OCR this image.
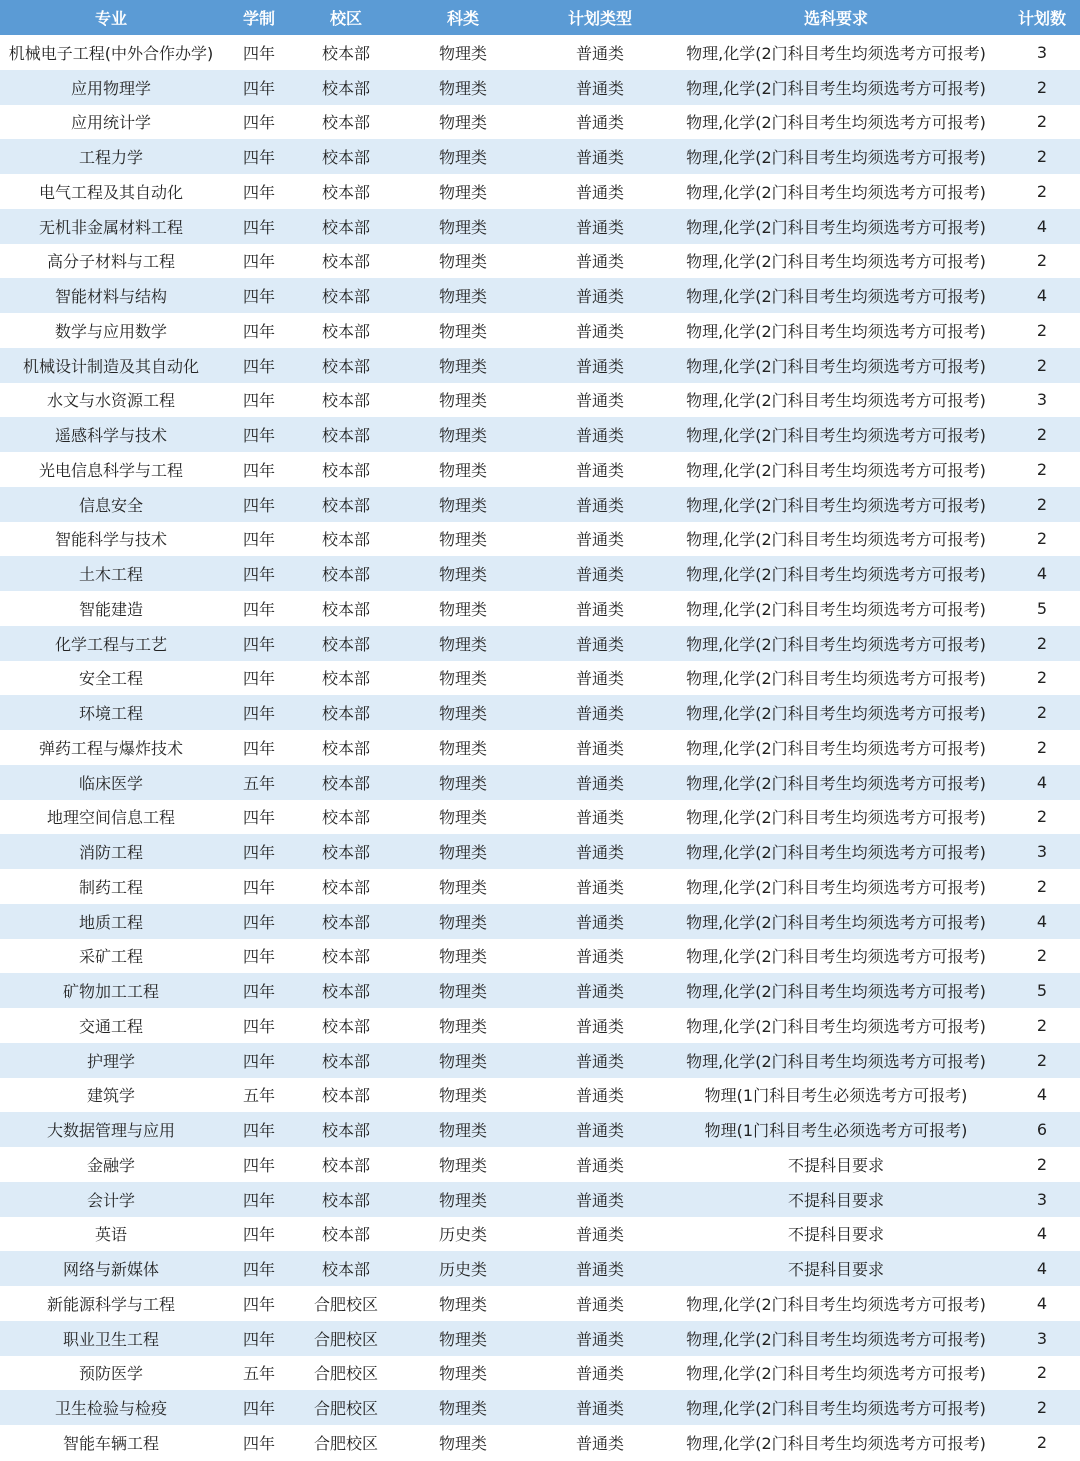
专业	学制	校区	科类	计划类型	选科要求	计划数
机械电子工程(中外合作办学)	四年	校本部	物理类	普通类	物理,化学(2门科目考生均须选考方可报考)	3
应用物理学	四年	校本部	物理类	普通类	物理,化学(2门科目考生均须选考方可报考)	2
应用统计学	四年	校本部	物理类	普通类	物理,化学(2门科目考生均须选考方可报考)	2
工程力学	四年	校本部	物理类	普通类	物理,化学(2门科目考生均须选考方可报考)	2
电气工程及其自动化	四年	校本部	物理类	普通类	物理,化学(2门科目考生均须选考方可报考)	2
无机非金属材料工程	四年	校本部	物理类	普通类	物理,化学(2门科目考生均须选考方可报考)	4
高分子材料与工程	四年	校本部	物理类	普通类	物理,化学(2门科目考生均须选考方可报考)	2
智能材料与结构	四年	校本部	物理类	普通类	物理,化学(2门科目考生均须选考方可报考)	4
数学与应用数学	四年	校本部	物理类	普通类	物理,化学(2门科目考生均须选考方可报考)	2
机械设计制造及其自动化	四年	校本部	物理类	普通类	物理,化学(2门科目考生均须选考方可报考)	2
水文与水资源工程	四年	校本部	物理类	普通类	物理,化学(2门科目考生均须选考方可报考)	3
遥感科学与技术	四年	校本部	物理类	普通类	物理,化学(2门科目考生均须选考方可报考)	2
光电信息科学与工程	四年	校本部	物理类	普通类	物理,化学(2门科目考生均须选考方可报考)	2
信息安全	四年	校本部	物理类	普通类	物理,化学(2门科目考生均须选考方可报考)	2
智能科学与技术	四年	校本部	物理类	普通类	物理,化学(2门科目考生均须选考方可报考)	2
土木工程	四年	校本部	物理类	普通类	物理,化学(2门科目考生均须选考方可报考)	4
智能建造	四年	校本部	物理类	普通类	物理,化学(2门科目考生均须选考方可报考)	5
化学工程与工艺	四年	校本部	物理类	普通类	物理,化学(2门科目考生均须选考方可报考)	2
安全工程	四年	校本部	物理类	普通类	物理,化学(2门科目考生均须选考方可报考)	2
环境工程	四年	校本部	物理类	普通类	物理,化学(2门科目考生均须选考方可报考)	2
弹药工程与爆炸技术	四年	校本部	物理类	普通类	物理,化学(2门科目考生均须选考方可报考)	2
临床医学	五年	校本部	物理类	普通类	物理,化学(2门科目考生均须选考方可报考)	4
地理空间信息工程	四年	校本部	物理类	普通类	物理,化学(2门科目考生均须选考方可报考)	2
消防工程	四年	校本部	物理类	普通类	物理,化学(2门科目考生均须选考方可报考)	3
制药工程	四年	校本部	物理类	普通类	物理,化学(2门科目考生均须选考方可报考)	2
地质工程	四年	校本部	物理类	普通类	物理,化学(2门科目考生均须选考方可报考)	4
采矿工程	四年	校本部	物理类	普通类	物理,化学(2门科目考生均须选考方可报考)	2
矿物加工工程	四年	校本部	物理类	普通类	物理,化学(2门科目考生均须选考方可报考)	5
交通工程	四年	校本部	物理类	普通类	物理,化学(2门科目考生均须选考方可报考)	2
护理学	四年	校本部	物理类	普通类	物理,化学(2门科目考生均须选考方可报考)	2
建筑学	五年	校本部	物理类	普通类	物理(1门科目考生必须选考方可报考)	4
大数据管理与应用	四年	校本部	物理类	普通类	物理(1门科目考生必须选考方可报考)	6
金融学	四年	校本部	物理类	普通类	不提科目要求	2
会计学	四年	校本部	物理类	普通类	不提科目要求	3
英语	四年	校本部	历史类	普通类	不提科目要求	4
网络与新媒体	四年	校本部	历史类	普通类	不提科目要求	4
新能源科学与工程	四年	合肥校区	物理类	普通类	物理,化学(2门科目考生均须选考方可报考)	4
职业卫生工程	四年	合肥校区	物理类	普通类	物理,化学(2门科目考生均须选考方可报考)	3
预防医学	五年	合肥校区	物理类	普通类	物理,化学(2门科目考生均须选考方可报考)	2
卫生检验与检疫	四年	合肥校区	物理类	普通类	物理,化学(2门科目考生均须选考方可报考)	2
智能车辆工程	四年	合肥校区	物理类	普通类	物理,化学(2门科目考生均须选考方可报考)	2
